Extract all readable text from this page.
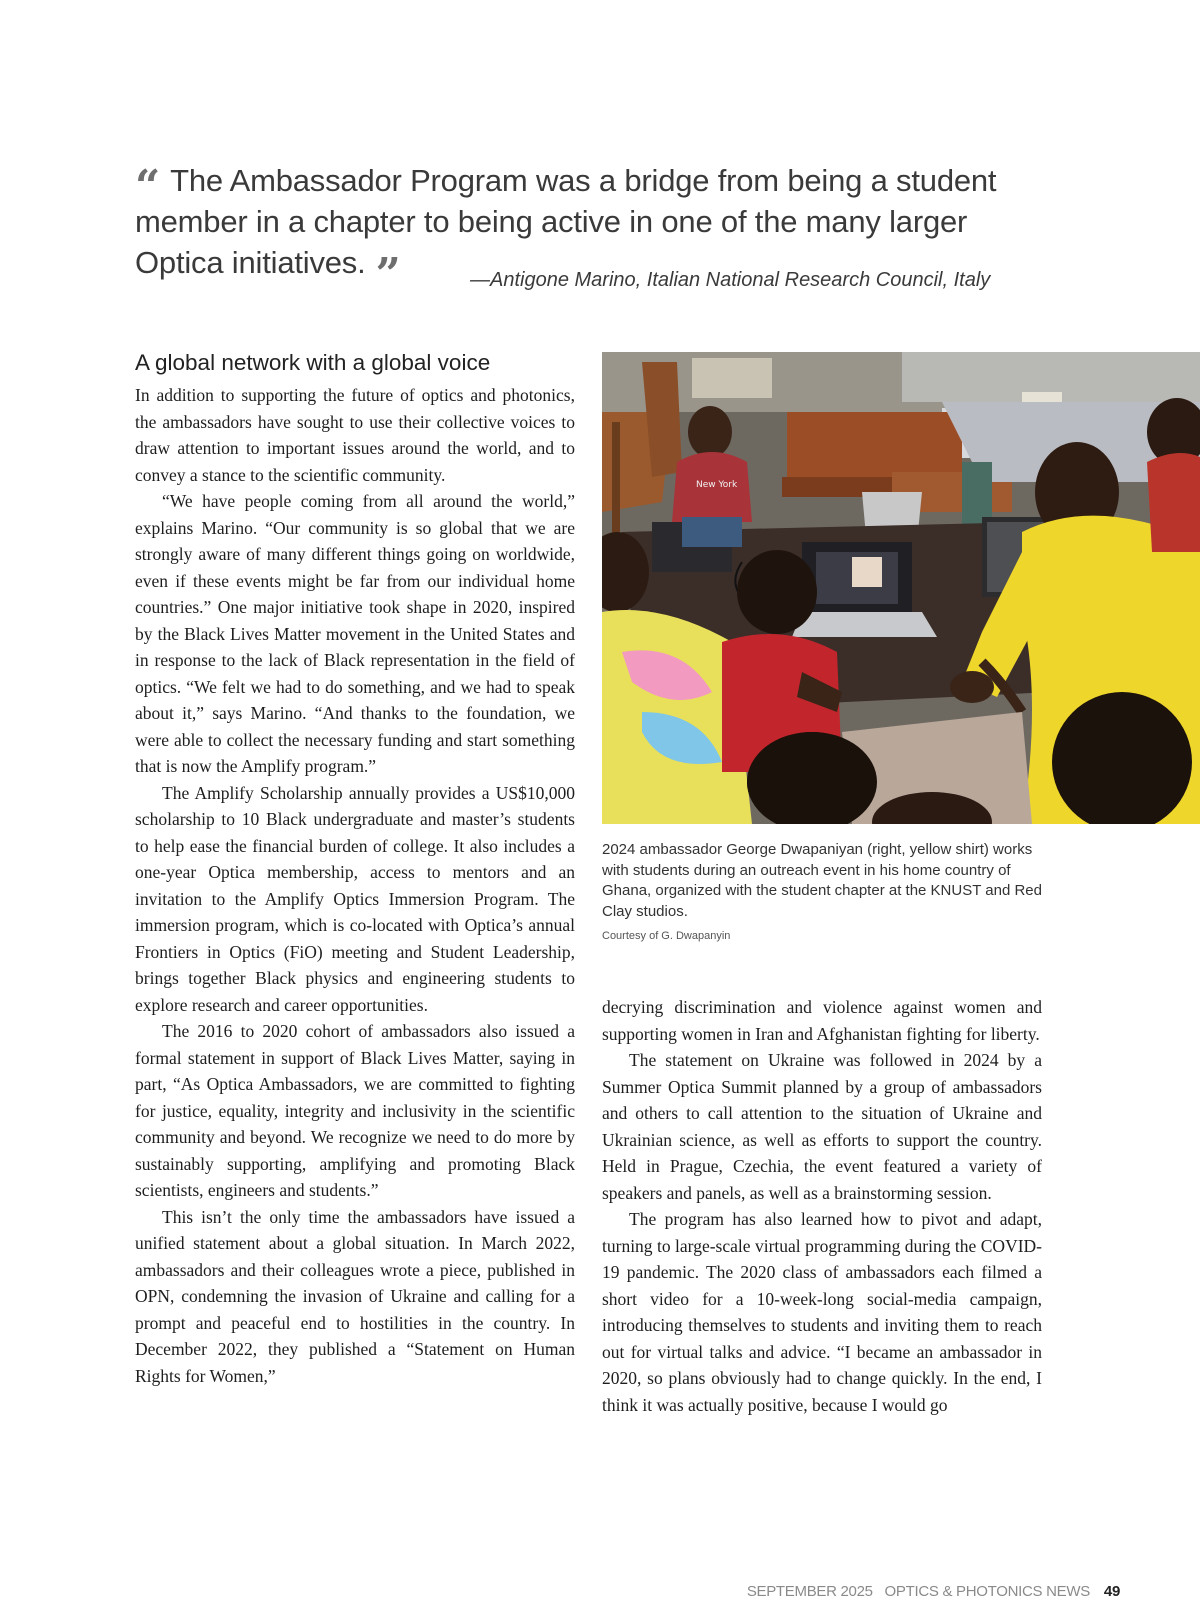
“ The Ambassador Program was a bridge from being a student member in a chapter to being active in one of the many larger Optica initiatives. ”	—Antigone Marino, Italian National Research Council, Italy
A global network with a global voice

In addition to supporting the future of optics and photonics, the ambassadors have sought to use their collective voices to draw attention to important issues around the world, and to convey a stance to the scientific community.

“We have people coming from all around the world,” explains Marino. “Our community is so global that we are strongly aware of many different things going on worldwide, even if these events might be far from our individual home countries.” One major initiative took shape in 2020, inspired by the Black Lives Matter movement in the United States and in response to the lack of Black representation in the field of optics. “We felt we had to do something, and we had to speak about it,” says Marino. “And thanks to the foundation, we were able to collect the necessary funding and start something that is now the Amplify program.”

The Amplify Scholarship annually provides a US$10,000 scholarship to 10 Black undergraduate and master’s students to help ease the financial burden of college. It also includes a one-year Optica membership, access to mentors and an invitation to the Amplify Optics Immersion Program. The immersion program, which is co-located with Optica’s annual Frontiers in Optics (FiO) meeting and Student Leadership, brings together Black physics and engineering students to explore research and career opportunities.

The 2016 to 2020 cohort of ambassadors also issued a formal statement in support of Black Lives Matter, saying in part, “As Optica Ambassadors, we are committed to fighting for justice, equality, integrity and inclusivity in the scientific community and beyond. We recognize we need to do more by sustainably supporting, amplifying and promoting Black scientists, engineers and students.”

This isn’t the only time the ambassadors have issued a unified statement about a global situation. In March 2022, ambassadors and their colleagues wrote a piece, published in OPN, condemning the invasion of Ukraine and calling for a prompt and peaceful end to hostilities in the country. In December 2022, they published a “Statement on Human Rights for Women,”

New York
2024 ambassador George Dwapaniyan (right, yellow shirt) works with students during an outreach event in his home country of Ghana, organized with the student chapter at the KNUST and Red Clay studios.
Courtesy of G. Dwapanyin

decrying discrimination and violence against women and supporting women in Iran and Afghanistan fighting for liberty.

The statement on Ukraine was followed in 2024 by a Summer Optica Summit planned by a group of ambassadors and others to call attention to the situation of Ukraine and Ukrainian science, as well as efforts to support the country. Held in Prague, Czechia, the event featured a variety of speakers and panels, as well as a brainstorming session.

The program has also learned how to pivot and adapt, turning to large-scale virtual programming during the COVID-19 pandemic. The 2020 class of ambassadors each filmed a short video for a 10-week-long social-media campaign, introducing themselves to students and inviting them to reach out for virtual talks and advice. “I became an ambassador in 2020, so plans obviously had to change quickly. In the end, I think it was actually positive, because I would go

SEPTEMBER 2025 OPTICS & PHOTONICS NEWS 49
